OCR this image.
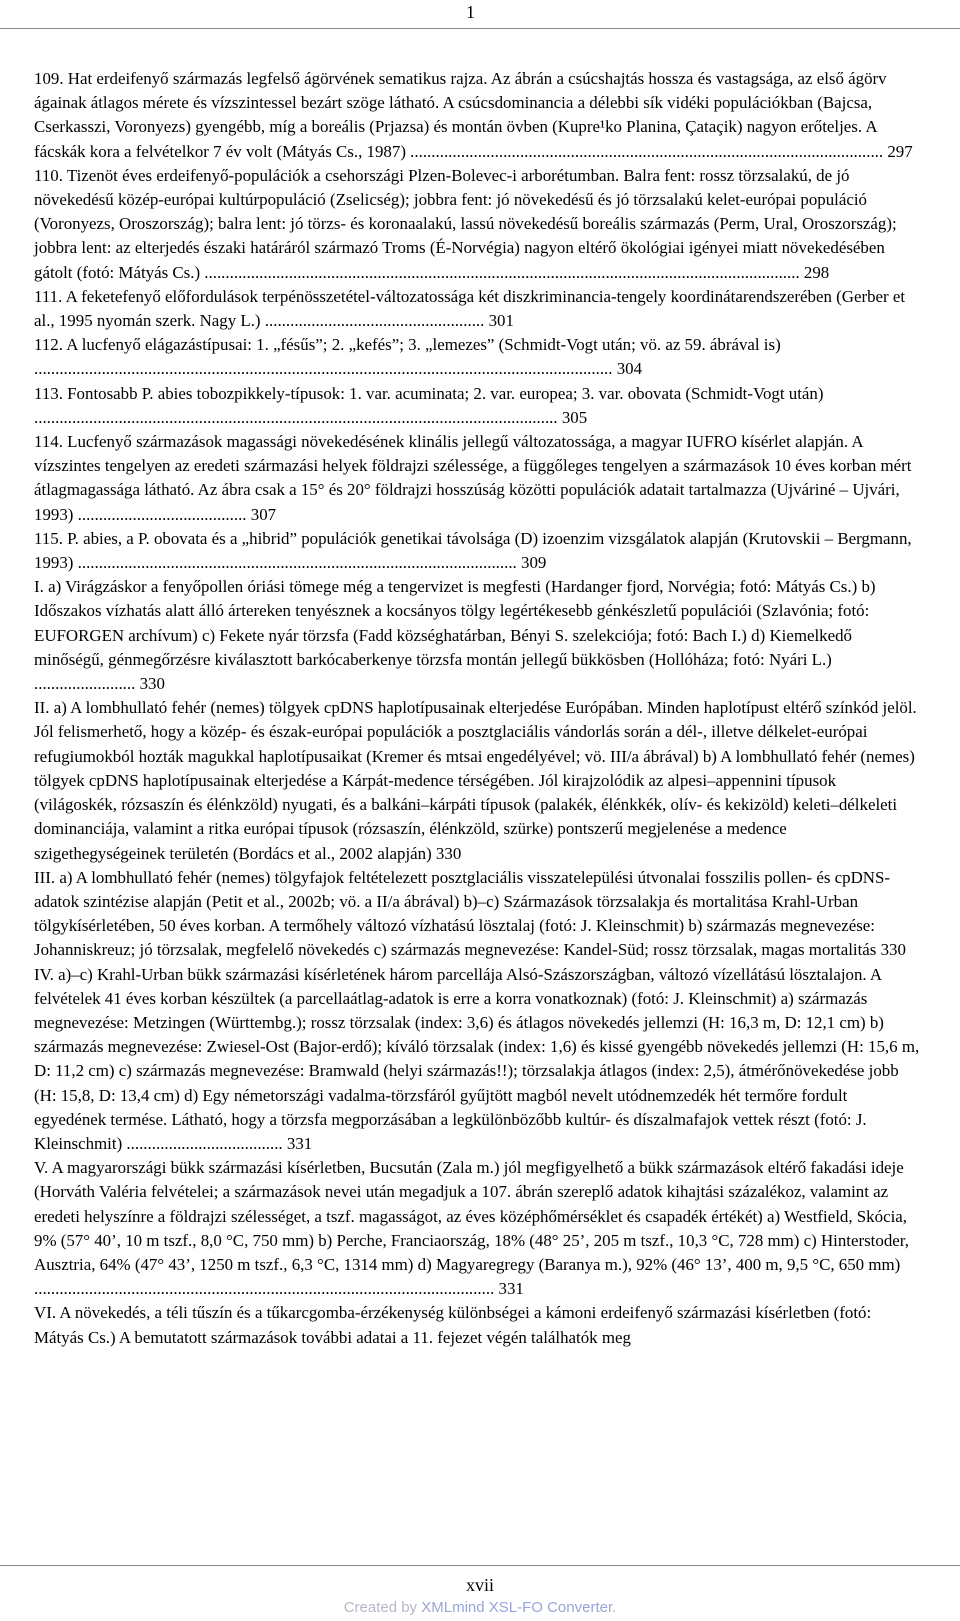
1

109. Hat erdeifenyő származás legfelső ágörvének sematikus rajza. Az ábrán a csúcshajtás hossza és vastagsága, az első ágörv ágainak átlagos mérete és vízszintessel bezárt szöge látható. A csúcsdominancia a délebbi sík vidéki populációkban (Bajcsa, Cserkasszi, Voronyezs) gyengébb, míg a boreális (Prjazsa) és montán övben (Kupre¹ko Planina, Çataçik) nagyon erőteljes. A fácskák kora a felvételkor 7 év volt (Mátyás Cs., 1987) ................................................................................................................ 297

110. Tizenöt éves erdeifenyő-populációk a csehországi Plzen-Bolevec-i arborétumban. Balra fent: rossz törzsalakú, de jó növekedésű közép-európai kultúrpopuláció (Zselicség); jobbra fent: jó növekedésű és jó törzsalakú kelet-európai populáció (Voronyezs, Oroszország); balra lent: jó törzs- és koronaalakú, lassú növekedésű boreális származás (Perm, Ural, Oroszország); jobbra lent: az elterjedés északi határáról származó Troms (É-Norvégia) nagyon eltérő ökológiai igényei miatt növekedésében gátolt (fotó: Mátyás Cs.) ............................................................................................................................................. 298

111. A feketefenyő előfordulások terpénösszetétel-változatossága két diszkriminancia-tengely koordinátarendszerében (Gerber et al., 1995 nyomán szerk. Nagy L.) .................................................... 301

112. A lucfenyő elágazástípusai: 1. „fésűs”; 2. „kefés”; 3. „lemezes” (Schmidt-Vogt után; vö. az 59. ábrával is) ......................................................................................................................................... 304

113. Fontosabb P. abies tobozpikkely-típusok: 1. var. acuminata; 2. var. europea; 3. var. obovata (Schmidt-Vogt után) ............................................................................................................................ 305

114. Lucfenyő származások magassági növekedésének klinális jellegű változatossága, a magyar IUFRO kísérlet alapján. A vízszintes tengelyen az eredeti származási helyek földrajzi szélessége, a függőleges tengelyen a származások 10 éves korban mért átlagmagassága látható. Az ábra csak a 15° és 20° földrajzi hosszúság közötti populációk adatait tartalmazza (Ujváriné – Ujvári, 1993) ........................................ 307

115. P. abies, a P. obovata és a „hibrid” populációk genetikai távolsága (D) izoenzim vizsgálatok alapján (Krutovskii – Bergmann, 1993) ........................................................................................................ 309

I. a) Virágzáskor a fenyőpollen óriási tömege még a tengervizet is megfesti (Hardanger fjord, Norvégia; fotó: Mátyás Cs.) b) Időszakos vízhatás alatt álló ártereken tenyésznek a kocsányos tölgy legértékesebb génkészletű populációi (Szlavónia; fotó: EUFORGEN archívum) c) Fekete nyár törzsfa (Fadd községhatárban, Bényi S. szelekciója; fotó: Bach I.) d) Kiemelkedő minőségű, génmegőrzésre kiválasztott barkócaberkenye törzsfa montán jellegű bükkösben (Hollóháza; fotó: Nyári L.) ........................ 330

II. a) A lombhullató fehér (nemes) tölgyek cpDNS haplotípusainak elterjedése Európában. Minden haplotípust eltérő színkód jelöl. Jól felismerhető, hogy a közép- és észak-európai populációk a posztglaciális vándorlás során a dél-, illetve délkelet-európai refugiumokból hozták magukkal haplotípusaikat (Kremer és mtsai engedélyével; vö. III/a ábrával) b) A lombhullató fehér (nemes) tölgyek cpDNS haplotípusainak elterjedése a Kárpát-medence térségében. Jól kirajzolódik az alpesi–appennini típusok (világoskék, rózsaszín és élénkzöld) nyugati, és a balkáni–kárpáti típusok (palakék, élénkkék, olív- és kekizöld) keleti–délkeleti dominanciája, valamint a ritka európai típusok (rózsaszín, élénkzöld, szürke) pontszerű megjelenése a medence szigethegységeinek területén (Bordács et al., 2002 alapján) 330

III. a) A lombhullató fehér (nemes) tölgyfajok feltételezett posztglaciális visszatelepülési útvonalai fosszilis pollen- és cpDNS-adatok szintézise alapján (Petit et al., 2002b; vö. a II/a ábrával) b)–c) Származások törzsalakja és mortalitása Krahl-Urban tölgykísérletében, 50 éves korban. A termőhely változó vízhatású lösztalaj (fotó: J. Kleinschmit) b) származás megnevezése: Johanniskreuz; jó törzsalak, megfelelő növekedés c) származás megnevezése: Kandel-Süd; rossz törzsalak, magas mortalitás 330

IV. a)–c) Krahl-Urban bükk származási kísérletének három parcellája Alsó-Szászországban, változó vízellátású lösztalajon. A felvételek 41 éves korban készültek (a parcellaátlag-adatok is erre a korra vonatkoznak) (fotó: J. Kleinschmit) a) származás megnevezése: Metzingen (Württembg.); rossz törzsalak (index: 3,6) és átlagos növekedés jellemzi (H: 16,3 m, D: 12,1 cm) b) származás megnevezése: Zwiesel-Ost (Bajor-erdő); kíváló törzsalak (index: 1,6) és kissé gyengébb növekedés jellemzi (H: 15,6 m, D: 11,2 cm) c) származás megnevezése: Bramwald (helyi származás!!); törzsalakja átlagos (index: 2,5), átmérőnövekedése jobb (H: 15,8, D: 13,4 cm) d) Egy németországi vadalma-törzsfáról gyűjtött magból nevelt utódnemzedék hét termőre fordult egyedének termése. Látható, hogy a törzsfa megporzásában a legkülönbözőbb kultúr- és díszalmafajok vettek részt (fotó: J. Kleinschmit) ..................................... 331

V. A magyarországi bükk származási kísérletben, Bucsután (Zala m.) jól megfigyelhető a bükk származások eltérő fakadási ideje (Horváth Valéria felvételei; a származások nevei után megadjuk a 107. ábrán szereplő adatok kihajtási százalékoz, valamint az eredeti helyszínre a földrajzi szélességet, a tszf. magasságot, az éves középhőmérséklet és csapadék értékét) a) Westfield, Skócia, 9% (57° 40’, 10 m tszf., 8,0 °C, 750 mm) b) Perche, Franciaország, 18% (48° 25’, 205 m tszf., 10,3 °C, 728 mm) c) Hinterstoder, Ausztria, 64% (47° 43’, 1250 m tszf., 6,3 °C, 1314 mm) d) Magyaregregy (Baranya m.), 92% (46° 13’, 400 m, 9,5 °C, 650 mm) ............................................................................................................. 331

VI. A növekedés, a téli tűszín és a tűkarcgomba-érzékenység különbségei a kámoni erdeifenyő származási kísérletben (fotó: Mátyás Cs.) A bemutatott származások további adatai a 11. fejezet végén találhatók meg

xvii
Created by XMLmind XSL-FO Converter.
